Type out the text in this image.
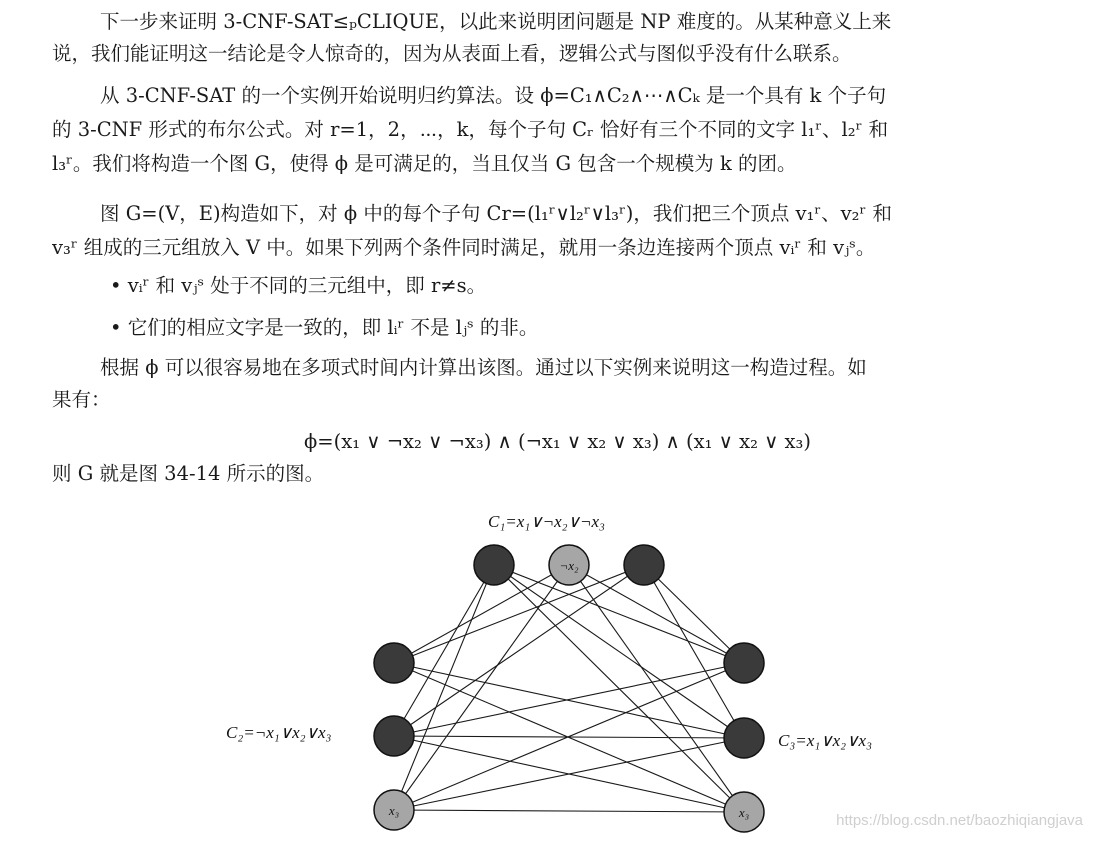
下一步来证明 3-CNF-SAT≤ₚCLIQUE，以此来说明团问题是 NP 难度的。从某种意义上来
说，我们能证明这一结论是令人惊奇的，因为从表面上看，逻辑公式与图似乎没有什么联系。
从 3-CNF-SAT 的一个实例开始说明归约算法。设 ϕ=C₁∧C₂∧⋯∧Cₖ 是一个具有 k 个子句
的 3-CNF 形式的布尔公式。对 r=1，2，⋯，k，每个子句 Cᵣ 恰好有三个不同的文字 l₁ʳ、l₂ʳ 和
l₃ʳ。我们将构造一个图 G，使得 ϕ 是可满足的，当且仅当 G 包含一个规模为 k 的团。
图 G=(V，E)构造如下，对 ϕ 中的每个子句 Cr=(l₁ʳ∨l₂ʳ∨l₃ʳ)，我们把三个顶点 v₁ʳ、v₂ʳ 和
v₃ʳ 组成的三元组放入 V 中。如果下列两个条件同时满足，就用一条边连接两个顶点 vᵢʳ 和 vⱼˢ。
• vᵢʳ 和 vⱼˢ 处于不同的三元组中，即 r≠s。
• 它们的相应文字是一致的，即 lᵢʳ 不是 lⱼˢ 的非。
根据 ϕ 可以很容易地在多项式时间内计算出该图。通过以下实例来说明这一构造过程。如
果有：
ϕ=(x₁ ∨ ¬x₂ ∨ ¬x₃) ∧ (¬x₁ ∨ x₂ ∨ x₃) ∧ (x₁ ∨ x₂ ∨ x₃)
则 G 就是图 34-14 所示的图。
C₁=x₁∨¬x₂∨¬x₃
C₂=¬x₁∨x₂∨x₃	C₃=x₁∨x₂∨x₃
¬x₂
x₃	x₃	https://blog.csdn.net/baozhiqiangjava
